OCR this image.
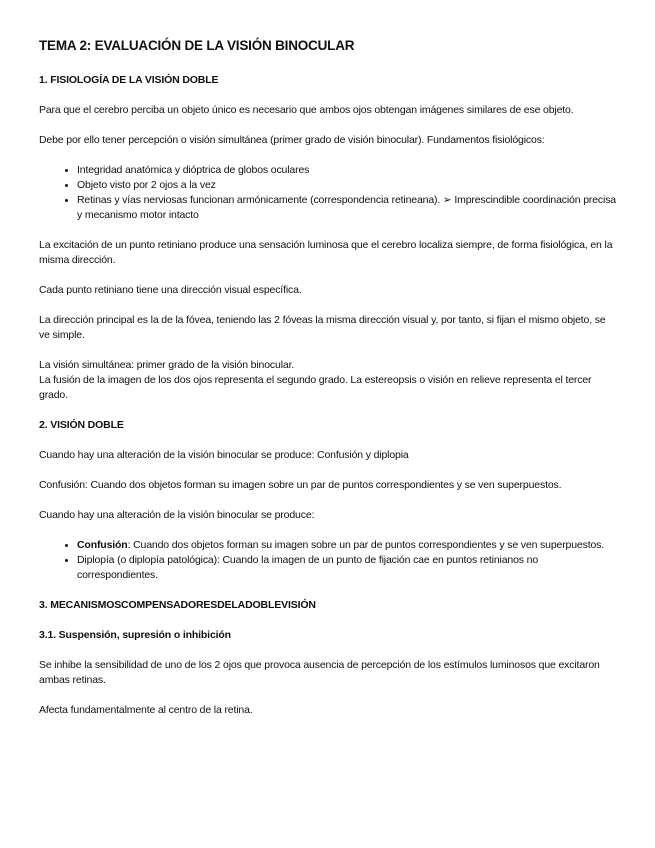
TEMA 2: EVALUACIÓN DE LA VISIÓN BINOCULAR
1. FISIOLOGÍA DE LA VISIÓN DOBLE
Para que el cerebro perciba un objeto único es necesario que ambos ojos obtengan imágenes similares de ese objeto.
Debe por ello tener percepción o visión simultánea (primer grado de visión binocular). Fundamentos fisiológicos:
• Integridad anatómica y dióptrica de globos oculares
• Objeto visto por 2 ojos a la vez
• Retinas y vías nerviosas funcionan armónicamente (correspondencia retineana). ➢ Imprescindible coordinación precisa y mecanismo motor intacto
La excitación de un punto retiniano produce una sensación luminosa que el cerebro localiza siempre, de forma fisiológica, en la misma dirección.
Cada punto retiniano tiene una dirección visual específica.
La dirección principal es la de la fóvea, teniendo las 2 fóveas la misma dirección visual y, por tanto, si fijan el mismo objeto, se ve simple.
La visión simultánea: primer grado de la visión binocular.
La fusión de la imagen de los dos ojos representa el segundo grado. La estereopsis o visión en relieve representa el tercer grado.
2. VISIÓN DOBLE
Cuando hay una alteración de la visión binocular se produce: Confusión y diplopia
Confusión: Cuando dos objetos forman su imagen sobre un par de puntos correspondientes y se ven superpuestos.
Cuando hay una alteración de la visión binocular se produce:
• Confusión: Cuando dos objetos forman su imagen sobre un par de puntos correspondientes y se ven superpuestos.
• Diplopía (o diplopía patológica): Cuando la imagen de un punto de fijación cae en puntos retinianos no correspondientes.
3. MECANISMOSCOMPENSADORESDELADOBLEVISIÓN
3.1. Suspensión, supresión o inhibición
Se inhibe la sensibilidad de uno de los 2 ojos que provoca ausencia de percepción de los estímulos luminosos que excitaron ambas retinas.
Afecta fundamentalmente al centro de la retina.
